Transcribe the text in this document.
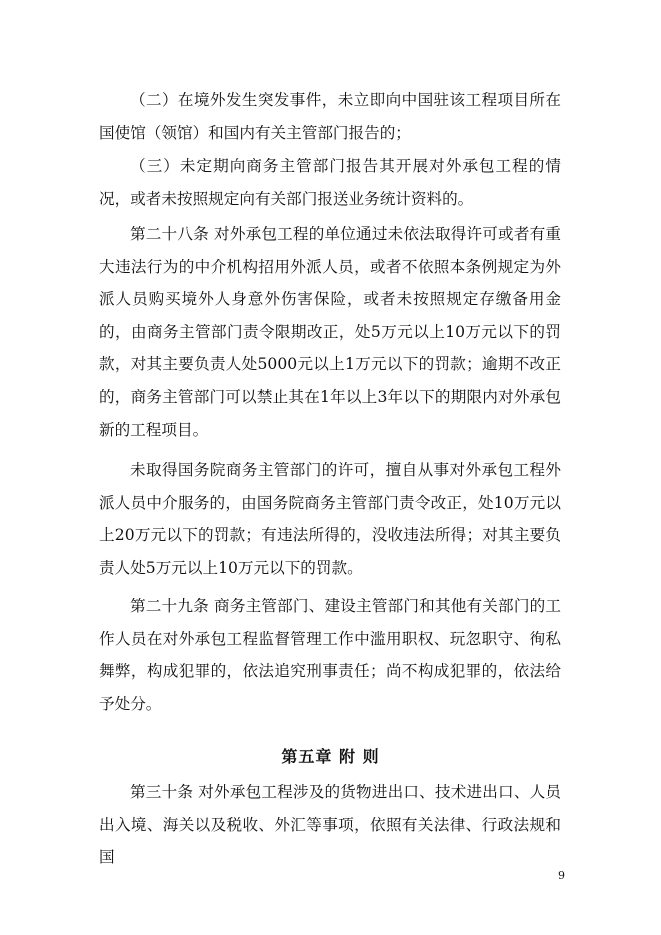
（二）在境外发生突发事件，未立即向中国驻该工程项目所在国使馆（领馆）和国内有关主管部门报告的；

（三）未定期向商务主管部门报告其开展对外承包工程的情况，或者未按照规定向有关部门报送业务统计资料的。

第二十八条 对外承包工程的单位通过未依法取得许可或者有重大违法行为的中介机构招用外派人员，或者不依照本条例规定为外派人员购买境外人身意外伤害保险，或者未按照规定存缴备用金的，由商务主管部门责令限期改正，处5万元以上10万元以下的罚款，对其主要负责人处5000元以上1万元以下的罚款；逾期不改正的，商务主管部门可以禁止其在1年以上3年以下的期限内对外承包新的工程项目。

未取得国务院商务主管部门的许可，擅自从事对外承包工程外派人员中介服务的，由国务院商务主管部门责令改正，处10万元以上20万元以下的罚款；有违法所得的，没收违法所得；对其主要负责人处5万元以上10万元以下的罚款。

第二十九条 商务主管部门、建设主管部门和其他有关部门的工作人员在对外承包工程监督管理工作中滥用职权、玩忽职守、徇私舞弊，构成犯罪的，依法追究刑事责任；尚不构成犯罪的，依法给予处分。

第五章 附 则

第三十条 对外承包工程涉及的货物进出口、技术进出口、人员出入境、海关以及税收、外汇等事项，依照有关法律、行政法规和国

9
